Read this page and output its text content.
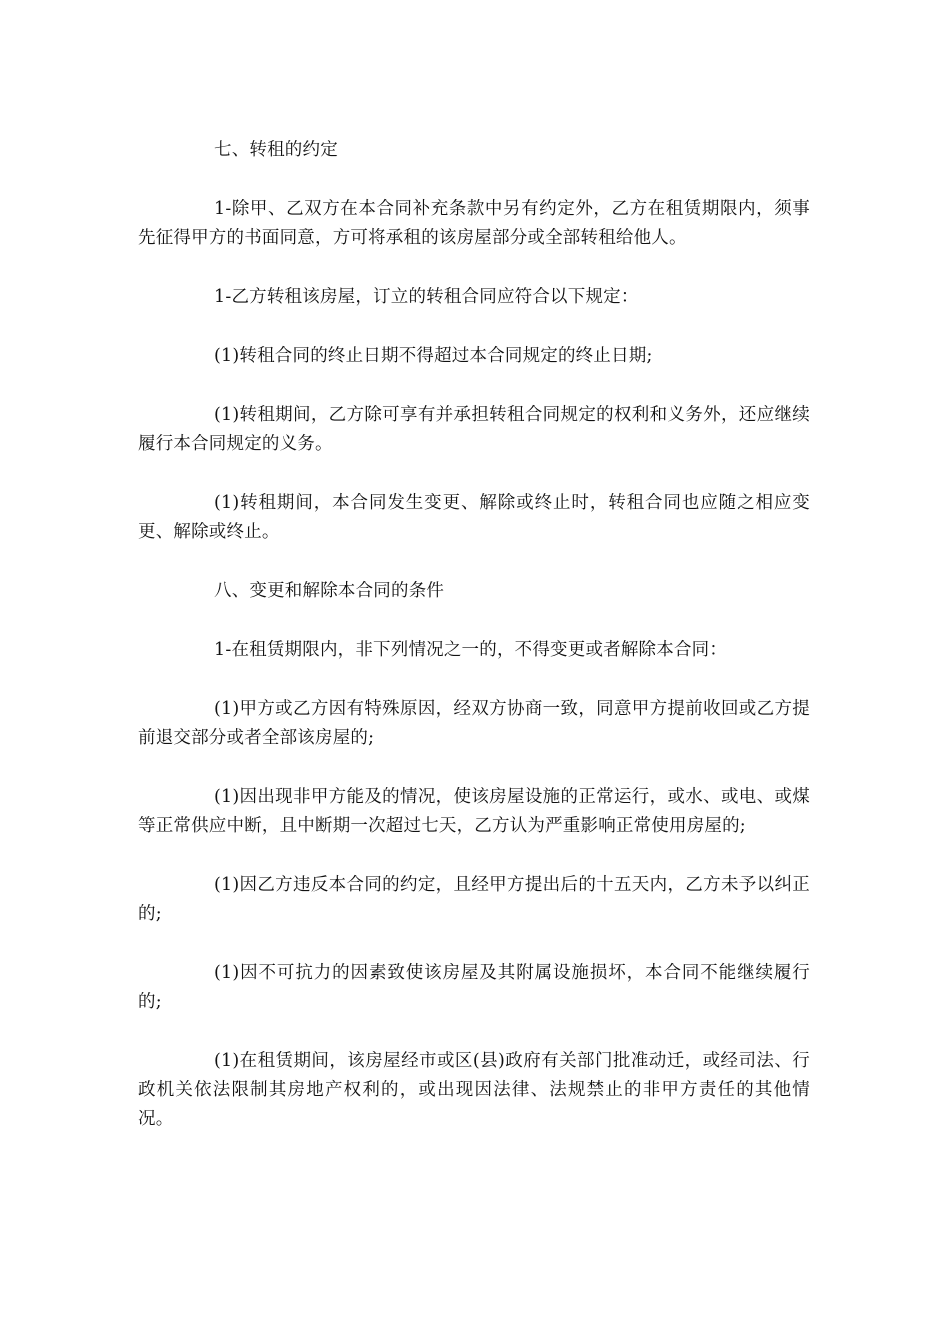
七、转租的约定

1-除甲、乙双方在本合同补充条款中另有约定外，乙方在租赁期限内，须事先征得甲方的书面同意，方可将承租的该房屋部分或全部转租给他人。

1-乙方转租该房屋，订立的转租合同应符合以下规定：

(1)转租合同的终止日期不得超过本合同规定的终止日期;

(1)转租期间，乙方除可享有并承担转租合同规定的权利和义务外，还应继续履行本合同规定的义务。

(1)转租期间，本合同发生变更、解除或终止时，转租合同也应随之相应变更、解除或终止。

八、变更和解除本合同的条件

1-在租赁期限内，非下列情况之一的，不得变更或者解除本合同：

(1)甲方或乙方因有特殊原因，经双方协商一致，同意甲方提前收回或乙方提前退交部分或者全部该房屋的;

(1)因出现非甲方能及的情况，使该房屋设施的正常运行，或水、或电、或煤等正常供应中断，且中断期一次超过七天，乙方认为严重影响正常使用房屋的;

(1)因乙方违反本合同的约定，且经甲方提出后的十五天内，乙方未予以纠正的;

(1)因不可抗力的因素致使该房屋及其附属设施损坏，本合同不能继续履行的;

(1)在租赁期间，该房屋经市或区(县)政府有关部门批准动迁，或经司法、行政机关依法限制其房地产权利的，或出现因法律、法规禁止的非甲方责任的其他情况。
